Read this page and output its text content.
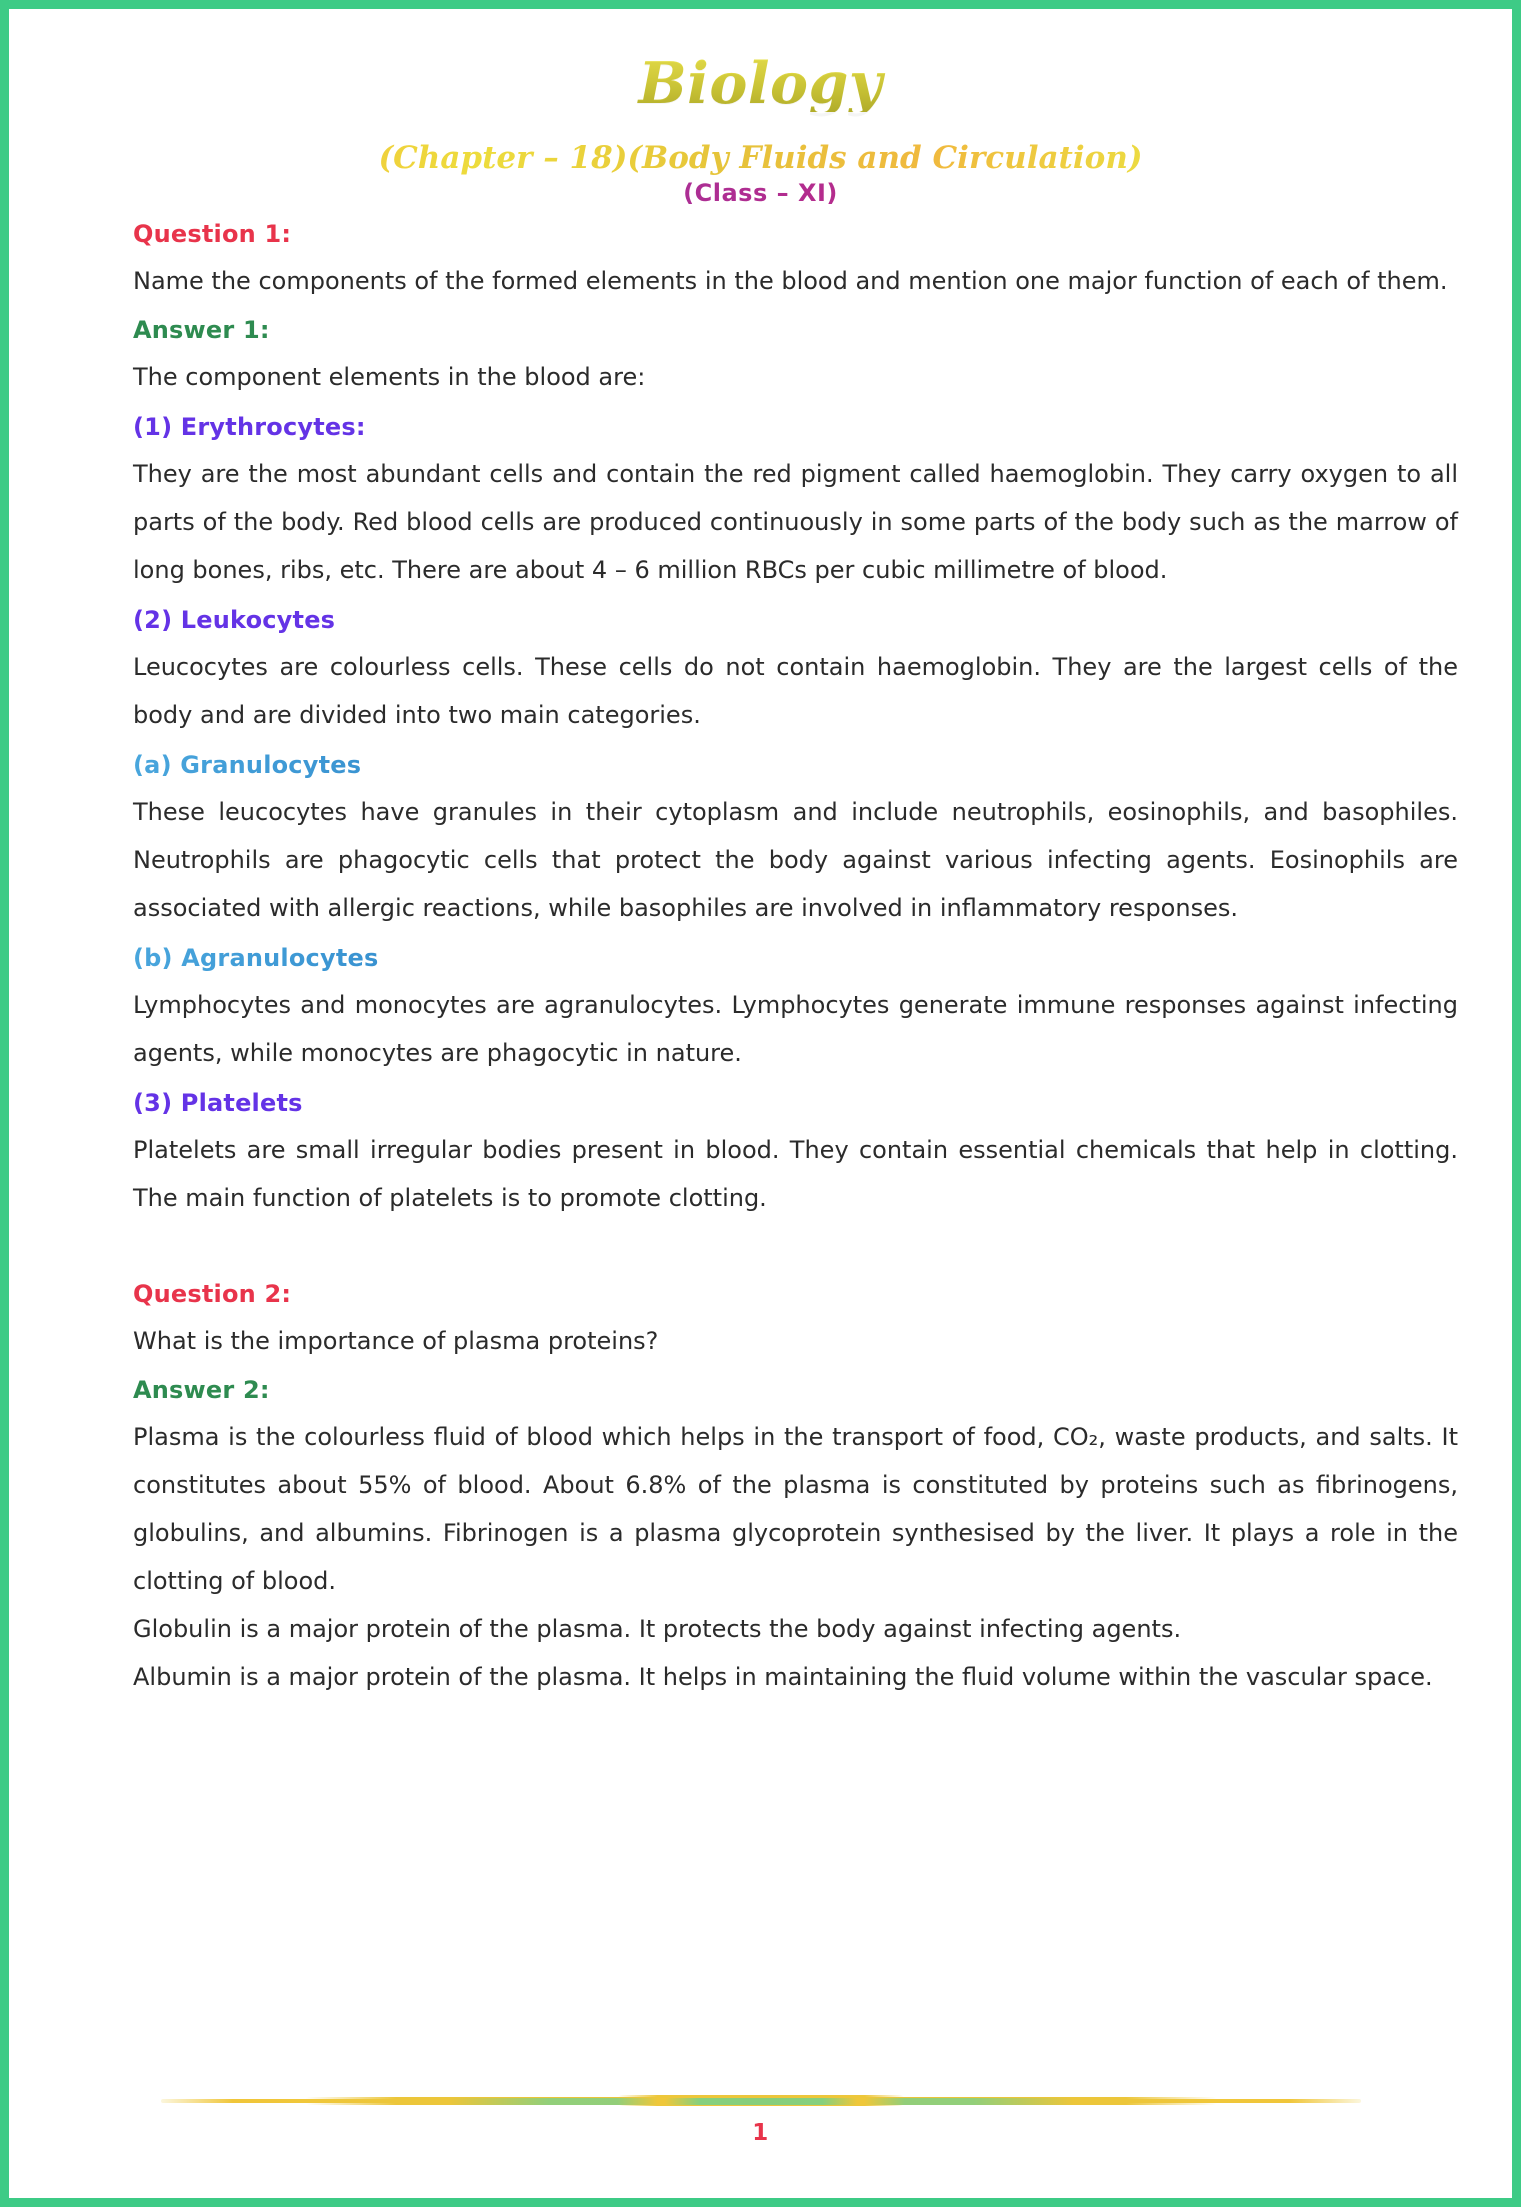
Biology
(Chapter – 18)(Body Fluids and Circulation)
(Class – XI)
Question 1:

Name the components of the formed elements in the blood and mention one major function of each of them.

Answer 1:

The component elements in the blood are:

(1) Erythrocytes:

They are the most abundant cells and contain the red pigment called haemoglobin. They carry oxygen to all parts of the body. Red blood cells are produced continuously in some parts of the body such as the marrow of long bones, ribs, etc. There are about 4 – 6 million RBCs per cubic millimetre of blood.

(2) Leukocytes

Leucocytes are colourless cells. These cells do not contain haemoglobin. They are the largest cells of the body and are divided into two main categories.

(a) Granulocytes

These leucocytes have granules in their cytoplasm and include neutrophils, eosinophils, and basophiles. Neutrophils are phagocytic cells that protect the body against various infecting agents. Eosinophils are associated with allergic reactions, while basophiles are involved in inflammatory responses.

(b) Agranulocytes

Lymphocytes and monocytes are agranulocytes. Lymphocytes generate immune responses against infecting agents, while monocytes are phagocytic in nature.

(3) Platelets

Platelets are small irregular bodies present in blood. They contain essential chemicals that help in clotting. The main function of platelets is to promote clotting.

Question 2:

What is the importance of plasma proteins?

Answer 2:

Plasma is the colourless fluid of blood which helps in the transport of food, CO₂, waste products, and salts. It constitutes about 55% of blood. About 6.8% of the plasma is constituted by proteins such as fibrinogens, globulins, and albumins. Fibrinogen is a plasma glycoprotein synthesised by the liver. It plays a role in the clotting of blood.

Globulin is a major protein of the plasma. It protects the body against infecting agents.

Albumin is a major protein of the plasma. It helps in maintaining the fluid volume within the vascular space.

1
